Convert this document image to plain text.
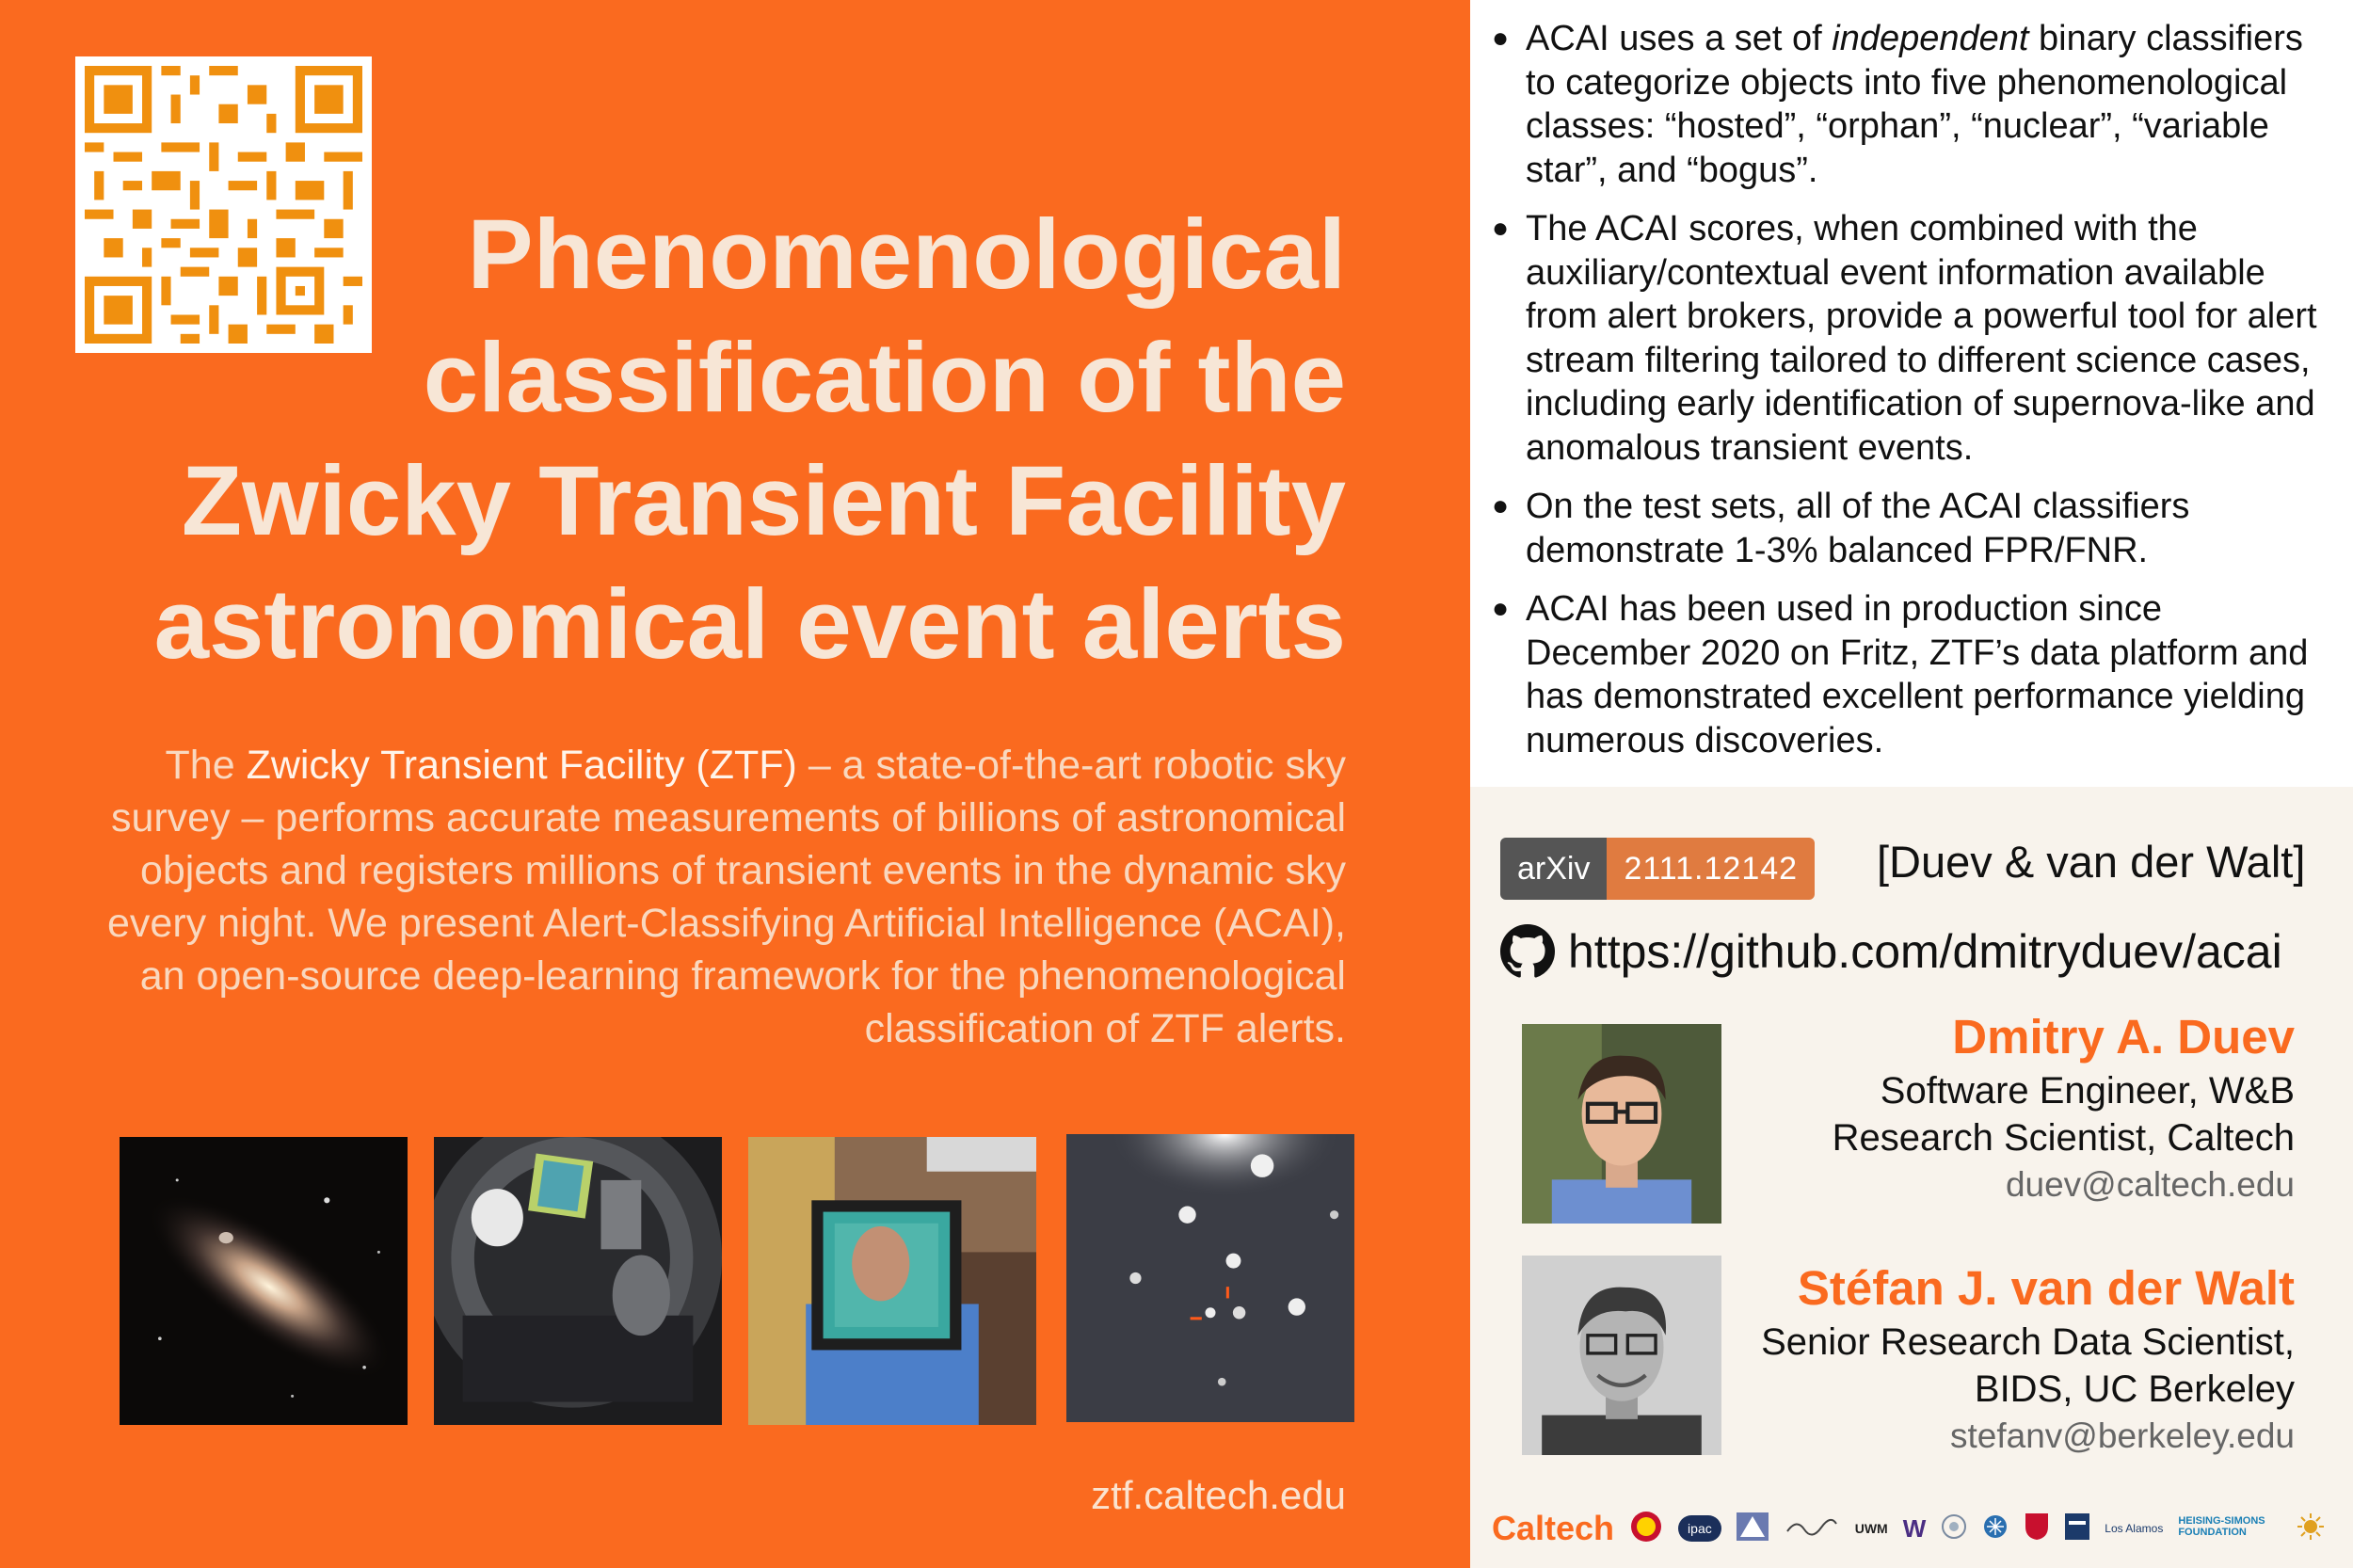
Phenomenological
classification of the
Zwicky Transient Facility
astronomical event alerts
The Zwicky Transient Facility (ZTF) – a state-of-the-art robotic sky survey – performs accurate measurements of billions of astronomical objects and registers millions of transient events in the dynamic sky every night. We present Alert-Classifying Artificial Intelligence (ACAI), an open-source deep-learning framework for the phenomenological classification of ZTF alerts.
ztf.caltech.edu
● ACAI uses a set of independent binary classifiers to categorize objects into five phenomenological classes: “hosted”, “orphan”, “nuclear”, “variable star”, and “bogus”.
● The ACAI scores, when combined with the auxiliary/contextual event information available from alert brokers, provide a powerful tool for alert stream filtering tailored to different science cases, including early identification of supernova-like and anomalous transient events.
● On the test sets, all of the ACAI classifiers demonstrate 1-3% balanced FPR/FNR.
● ACAI has been used in production since December 2020 on Fritz, ZTF’s data platform and has demonstrated excellent performance yielding numerous discoveries.
arXiv	2111.12142	[Duev & van der Walt]
https://github.com/dmitryduev/acai
Dmitry A. Duev
Software Engineer, W&B
Research Scientist, Caltech
duev@caltech.edu
Stéfan J. van der Walt
Senior Research Data Scientist,
BIDS, UC Berkeley
stefanv@berkeley.edu
Caltech	ipac	UWM W	Los Alamos
HEISING-SIMONS FOUNDATION
